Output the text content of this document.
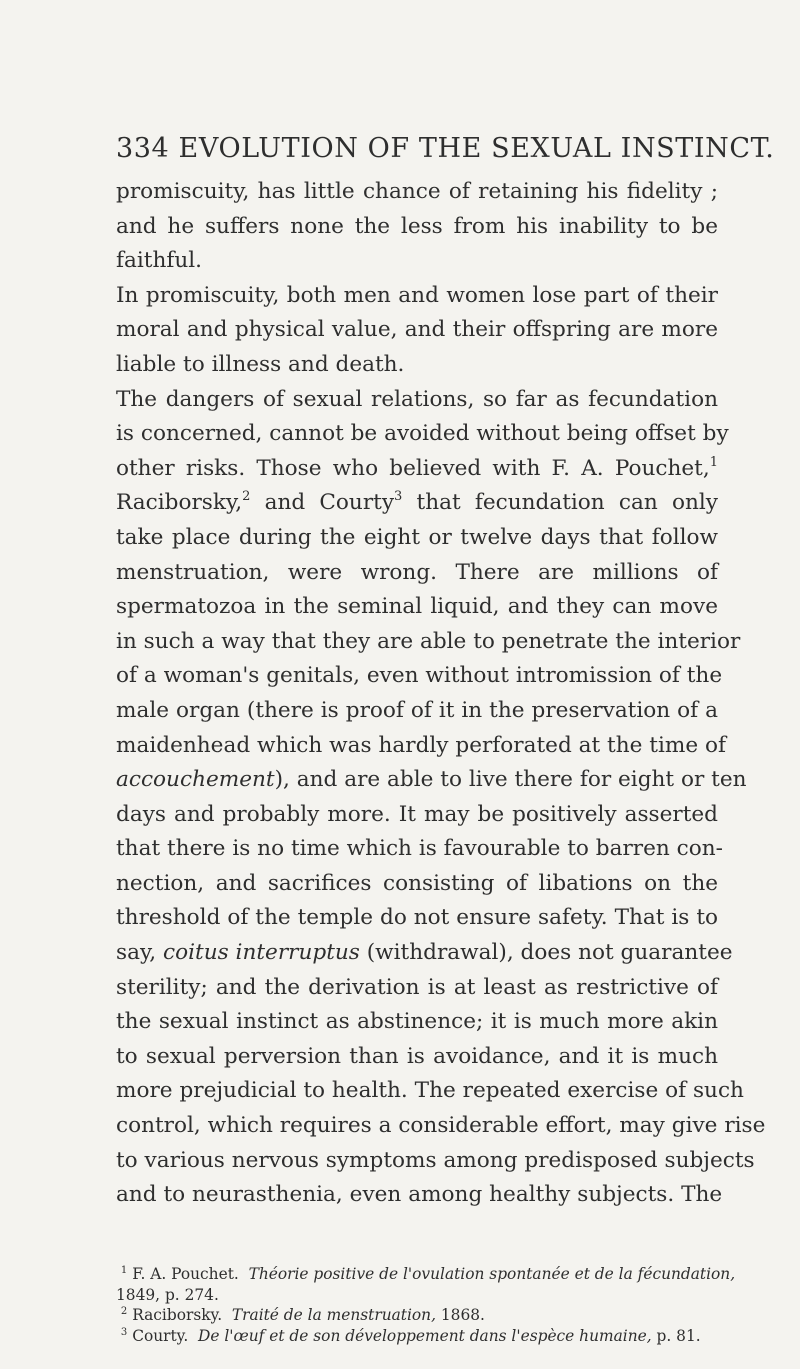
334 EVOLUTION OF THE SEXUAL INSTINCT.
promiscuity, has little chance of retaining his fidelity ;
and he suffers none the less from his inability to be
faithful.
In promiscuity, both men and women lose part of their
moral and physical value, and their offspring are more
liable to illness and death.
The dangers of sexual relations, so far as fecundation
is concerned, cannot be avoided without being offset by
other risks. Those who believed with F. A. Pouchet,$^1$
Raciborsky,$^2$ and Courty$^3$ that fecundation can only
take place during the eight or twelve days that follow
menstruation, were wrong. There are millions of
spermatozoa in the seminal liquid, and they can move
in such a way that they are able to penetrate the interior
of a woman's genitals, even without intromission of the
male organ (there is proof of it in the preservation of a
maidenhead which was hardly perforated at the time of
accouchement), and are able to live there for eight or ten
days and probably more. It may be positively asserted
that there is no time which is favourable to barren con-
nection, and sacrifices consisting of libations on the
threshold of the temple do not ensure safety. That is to
say, coitus interruptus (withdrawal), does not guarantee
sterility; and the derivation is at least as restrictive of
the sexual instinct as abstinence; it is much more akin
to sexual perversion than is avoidance, and it is much
more prejudicial to health. The repeated exercise of such
control, which requires a considerable effort, may give rise
to various nervous symptoms among predisposed subjects
and to neurasthenia, even among healthy subjects. The
$^1$ F. A. Pouchet. Théorie positive de l'ovulation spontanée et de la fécundation,
1849, p. 274.
$^2$ Raciborsky. Traité de la menstruation, 1868.
$^3$ Courty. De l'œuf et de son développement dans l'espèce humaine, p. 81.
